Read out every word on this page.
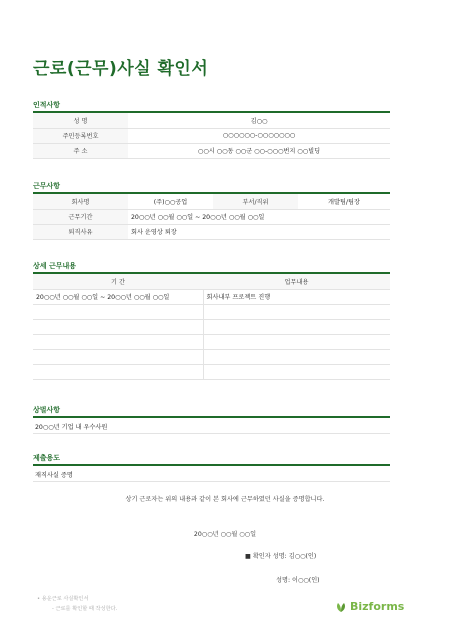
근로(근무)사실 확인서
인적사항
성 명	김○○
주민등록번호	○○○○○○-○○○○○○○
주 소	○○시 ○○동 ○○군 ○○-○○○번지 ○○빌딩
근무사항
회사명	(주)○○공업	부서/직위	개발팀/팀장
근무기간	20○○년 ○○월 ○○일 ~ 20○○년 ○○월 ○○일		
퇴직사유	회사 운영상 퇴장		
상세 근무내용
기 간	업무내용
20○○년 ○○월 ○○일 ~ 20○○년 ○○월 ○○일	회사내부 프로젝트 진행

상벌사항
20○○년 기업 내 우수사원
제출용도
재직사실 증명
상기 근로자는 위의 내용과 같이 본 회사에 근무하였던 사실을 증명합니다.
20○○년 ○○월 ○○일
■ 확인자 성명: 김○○(인)
성명: 이○○(인)
• 용운근로 사실확인서
- 근로를 확인할 때 작성한다.	Bizforms
